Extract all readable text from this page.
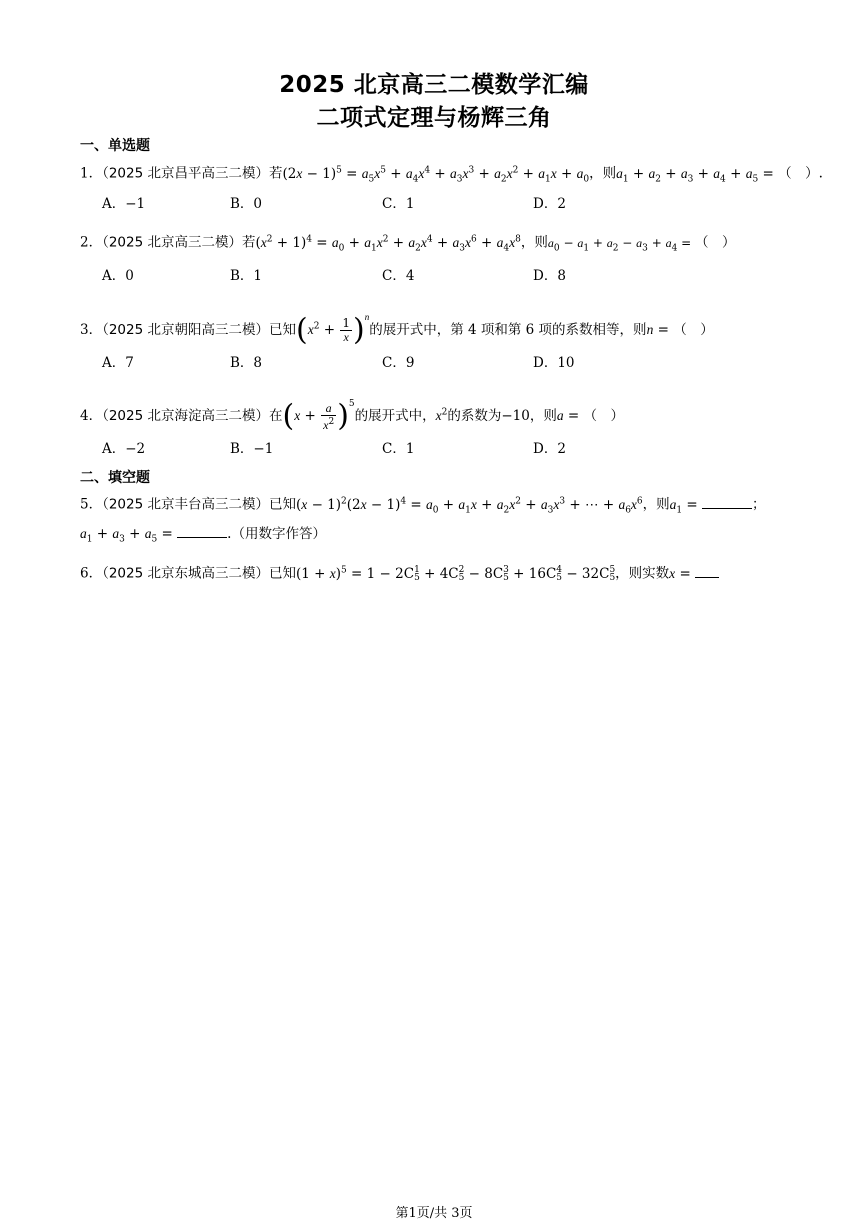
2025 北京高三二模数学汇编
二项式定理与杨辉三角
一、单选题
1．（2025 北京昌平高三二模）若$(2x - 1)^5 = a_5x^5 + a_4x^4 + a_3x^3 + a_2x^2 + a_1x + a_0$，则$a_1 + a_2 + a_3 + a_4 + a_5$ = （　）.
A．−1	B．0	C．1	D．2
2．（2025 北京高三二模）若$(x^2 + 1)^4 = a_0 + a_1x^2 + a_2x^4 + a_3x^6 + a_4x^8$，则$a_0 - a_1 + a_2 - a_3 + a_4$ = （　）
A．0	B．1	C．4	D．8
3．（2025 北京朝阳高三二模）已知$(x^2 + \frac{1}{x} )^n$的展开式中，第 4 项和第 6 项的系数相等，则n = （　）
A．7	B．8	C．9	D．10
4．（2025 北京海淀高三二模）在$(x + \frac{a}{x^2} )^5$的展开式中，$x^2$的系数为−10，则a = （　）
A．−2	B．−1	C．1	D．2
二、填空题
5．（2025 北京丰台高三二模）已知$(x - 1)^2(2x - 1)^4 = a_0 + a_1x + a_2x^2 + a_3x^3$ + ⋯ + $a_6x^6$，则$a_1$ =	；
$a_1 + a_3 + a_5$ =	.（用数字作答）
6．（2025 北京东城高三二模）已知$(1 + x)^5 = 1 - 2C$ 1
5 + 4C 2
5 − 8C 3
5 + 16C 4
5 − 32C 5
5 ，则实数x =
第1页/共 3页
